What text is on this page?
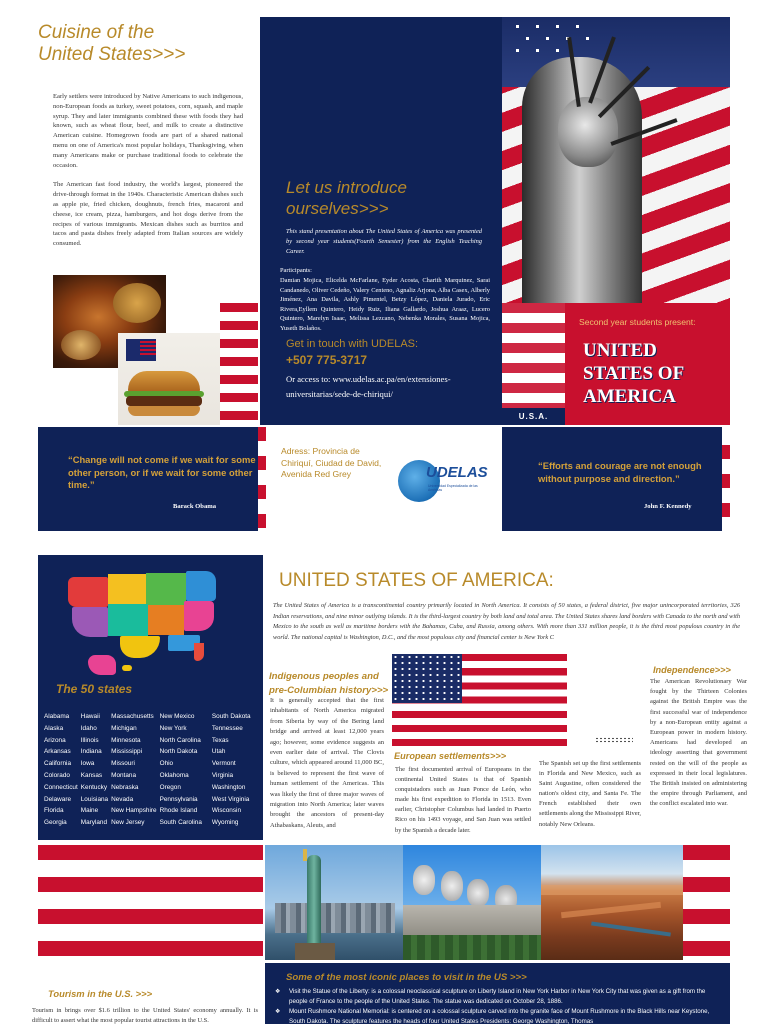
Cuisine of the
United States>>>

Early settlers were introduced by Native Americans to such indigenous, non-European foods as turkey, sweet potatoes, corn, squash, and maple syrup. They and later immigrants combined these with foods they had known, such as wheat flour, beef, and milk to create a distinctive American cuisine. Homegrown foods are part of a shared national menu on one of America's most popular holidays, Thanksgiving, when many Americans make or purchase traditional foods to celebrate the occasion.

The American fast food industry, the world's largest, pioneered the drive-through format in the 1940s. Characteristic American dishes such as apple pie, fried chicken, doughnuts, french fries, macaroni and cheese, ice cream, pizza, hamburgers, and hot dogs derive from the recipes of various immigrants. Mexican dishes such as burritos and tacos and pasta dishes freely adapted from Italian sources are widely consumed.

Let us introduce
ourselves>>>

This stand presentation about The United States of America was presented by second year students(Fourth Semester) from the English Teaching Career.

Participants:

Damian Mojica, Elicelda McFarlane, Eyder Acosta, Charith Marquinez, Sarai Candanedo, Oliver Cedeño, Valery Centeno, Agnaliz Arjona, Alba Casex, Alberly Jiménez, Ana Davila, Ashly Pimentel, Betzy López, Daniela Jurado, Eric Rivera,Eyllem Quintero, Heidy Ruiz, Iliana Gallardo, Joshua Araaz, Lucero Quintero, Marelyn Isaac, Melissa Lezcano, Nebenka Morales, Susana Mojica, Yuseth Bolaños.

Get in touch with UDELAS:

+507 775-3717

Or access to: www.udelas.ac.pa/en/extensiones-

universitarias/sede-de-chiriqui/

Second year students present:

UNITED
STATES OF
AMERICA

U.S.A.

“Change will not come if we wait for some other person, or if we wait for some other time.”

Barack Obama

Adress: Provincia de Chiriquí, Ciudad de David, Avenida Red Grey	UDELAS

Universidad Especializada de las Américas

“Efforts and courage are not enough without purpose and direction.”

John F. Kennedy

The 50 states

Alabama	Hawaii	Massachusetts	New Mexico	South Dakota
Alaska	Idaho	Michigan	New York	Tennessee
Arizona	Illinois	Minnesota	North Carolina	Texas
Arkansas	Indiana	Mississippi	North Dakota	Utah
California	Iowa	Missouri	Ohio	Vermont
Colorado	Kansas	Montana	Oklahoma	Virginia
Connecticut	Kentucky	Nebraska	Oregon	Washington
Delaware	Louisiana	Nevada	Pennsylvania	West Virginia
Florida	Maine	New Hampshire	Rhode Island	Wisconsin
Georgia	Maryland	New Jersey	South Carolina	Wyoming

UNITED STATES OF AMERICA:

The United States of America is a transcontinental country primarily located in North America. It consists of 50 states, a federal district, five major unincorporated territories, 326 Indian reservations, and nine minor outlying islands. It is the third-largest country by both land and total area. The United States shares land borders with Canada to the north and with Mexico to the south as well as maritime borders with the Bahamas, Cuba, and Russia, among others. With more than 331 million people, it is the third most populous country in the world. The national capital is Washington, D.C., and the most populous city and financial center is New York C

Indigenous peoples and
pre-Columbian history>>>

It is generally accepted that the first inhabitants of North America migrated from Siberia by way of the Bering land bridge and arrived at least 12,000 years ago; however, some evidence suggests an even earlier date of arrival. The Clovis culture, which appeared around 11,000 BC, is believed to represent the first wave of human settlement of the Americas. This was likely the first of three major waves of migration into North America; later waves brought the ancestors of present-day Athabaskans, Aleuts, and

European settlements>>>

The first documented arrival of Europeans in the continental United States is that of Spanish conquistadors such as Juan Ponce de León, who made his first expedition to Florida in 1513. Even earlier, Christopher Columbus had landed in Puerto Rico on his 1493 voyage, and San Juan was settled by the Spanish a decade later.

The Spanish set up the first settlements in Florida and New Mexico, such as Saint Augustine, often considered the nation's oldest city, and Santa Fe. The French established their own settlements along the Mississippi River, notably New Orleans.

Independence>>>

The American Revolutionary War fought by the Thirteen Colonies against the British Empire was the first successful war of independence by a non-European entity against a European power in modern history. Americans had developed an ideology asserting that government rested on the will of the people as expressed in their local legislatures. The British insisted on administering the empire through Parliament, and the conflict escalated into war.

Some of the most iconic places to visit in the US >>>

❖ Visit the Statue of the Liberty: is a colossal neoclassical sculpture on Liberty Island in New York Harbor in New York City that was given as a gift from the people of France to the people of the United States. The statue was dedicated on October 28, 1886.
❖ Mount Rushmore National Memorial: is centered on a colossal sculpture carved into the granite face of Mount Rushmore in the Black Hills near Keystone, South Dakota. The sculpture features the heads of four United States Presidents: George Washington, Thomas

Tourism in the U.S. >>>

Tourism in brings over $1.6 trillion to the United States' economy annually. It is difficult to assert what the most popular tourist attractions in the U.S.
